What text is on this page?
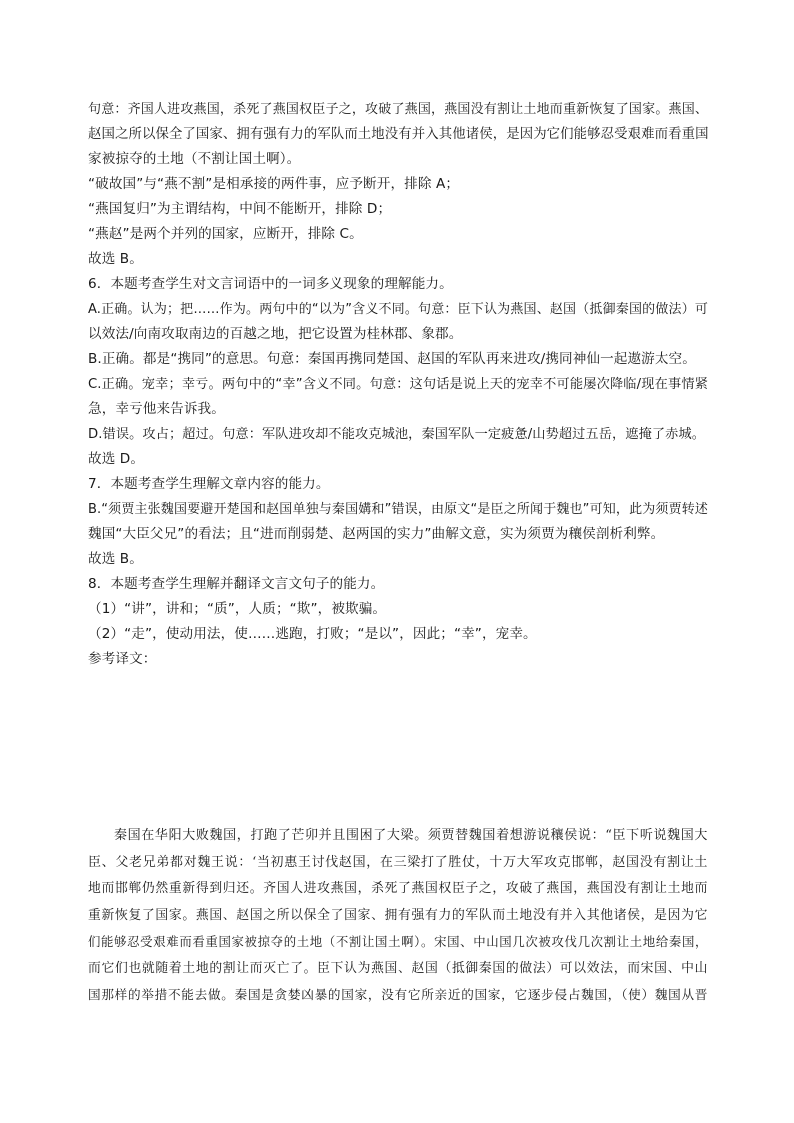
句意：齐国人进攻燕国，杀死了燕国权臣子之，攻破了燕国，燕国没有割让土地而重新恢复了国家。燕国、
赵国之所以保全了国家、拥有强有力的军队而土地没有并入其他诸侯，是因为它们能够忍受艰难而看重国
家被掠夺的土地（不割让国土啊）。
“破故国”与“燕不割”是相承接的两件事，应予断开，排除 A；
“燕国复归”为主谓结构，中间不能断开，排除 D；
“燕赵”是两个并列的国家，应断开，排除 C。
故选 B。
6．本题考查学生对文言词语中的一词多义现象的理解能力。
A.正确。认为；把……作为。两句中的“以为”含义不同。句意：臣下认为燕国、赵国（抵御秦国的做法）可
以效法/向南攻取南边的百越之地，把它设置为桂林郡、象郡。
B.正确。都是“携同”的意思。句意：秦国再携同楚国、赵国的军队再来进攻/携同神仙一起遨游太空。
C.正确。宠幸；幸亏。两句中的“幸”含义不同。句意：这句话是说上天的宠幸不可能屡次降临/现在事情紧
急，幸亏他来告诉我。
D.错误。攻占；超过。句意：军队进攻却不能攻克城池，秦国军队一定疲惫/山势超过五岳，遮掩了赤城。
故选 D。
7．本题考查学生理解文章内容的能力。
B.“须贾主张魏国要避开楚国和赵国单独与秦国媾和”错误，由原文“是臣之所闻于魏也”可知，此为须贾转述
魏国“大臣父兄”的看法；且“进而削弱楚、赵两国的实力”曲解文意，实为须贾为穰侯剖析利弊。
故选 B。
8．本题考查学生理解并翻译文言文句子的能力。
（1）“讲”，讲和；“质”，人质；“欺”，被欺骗。
（2）“走”，使动用法，使……逃跑，打败；“是以”，因此；“幸”，宠幸。
参考译文：
秦国在华阳大败魏国，打跑了芒卯并且围困了大梁。须贾替魏国着想游说穰侯说：“臣下听说魏国大
臣、父老兄弟都对魏王说：‘当初惠王讨伐赵国，在三梁打了胜仗，十万大军攻克邯郸，赵国没有割让土
地而邯郸仍然重新得到归还。齐国人进攻燕国，杀死了燕国权臣子之，攻破了燕国，燕国没有割让土地而
重新恢复了国家。燕国、赵国之所以保全了国家、拥有强有力的军队而土地没有并入其他诸侯，是因为它
们能够忍受艰难而看重国家被掠夺的土地（不割让国土啊）。宋国、中山国几次被攻伐几次割让土地给秦国，
而它们也就随着土地的割让而灭亡了。臣下认为燕国、赵国（抵御秦国的做法）可以效法，而宋国、中山
国那样的举措不能去做。秦国是贪婪凶暴的国家，没有它所亲近的国家，它逐步侵占魏国，（使）魏国从晋
